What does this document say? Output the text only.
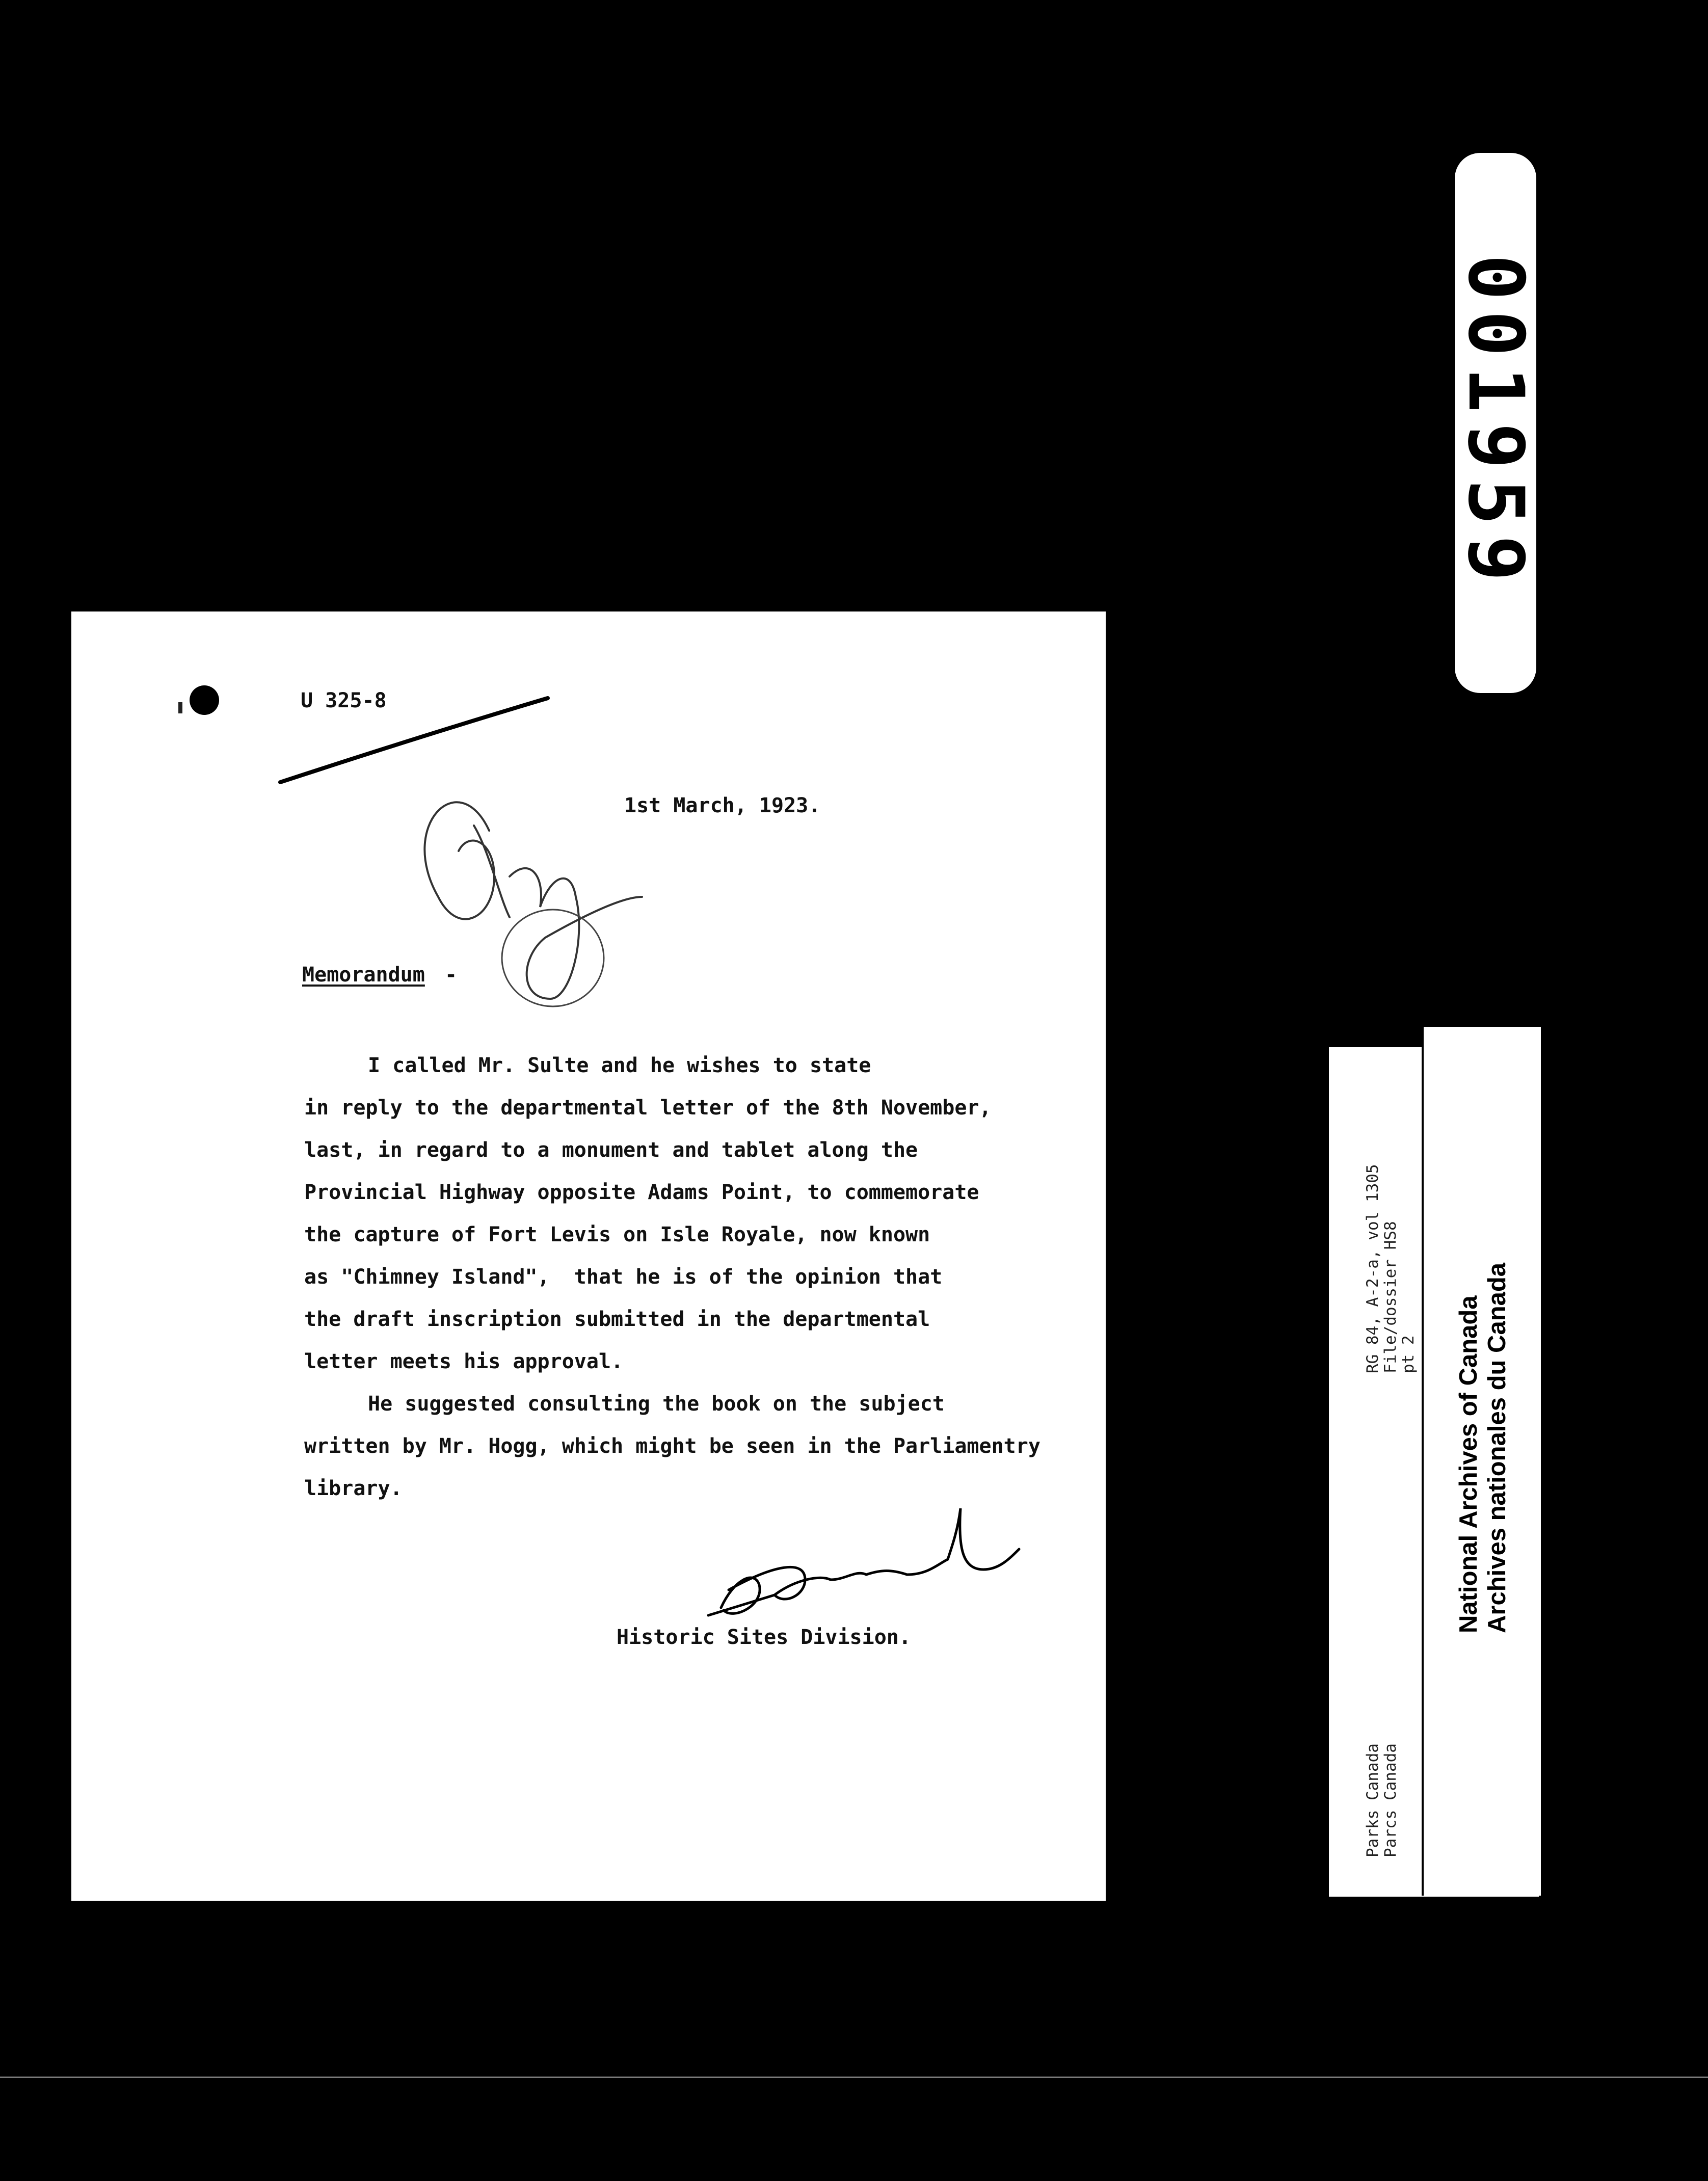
U 325-8

1st March, 1923.

Memorandum -

I called Mr. Sulte and he wishes to state

in reply to the departmental letter of the 8th November,

last, in regard to a monument and tablet along the

Provincial Highway opposite Adams Point, to commemorate

the capture of Fort Levis on Isle Royale, now known

as "Chimney Island",  that he is of the opinion that

the draft inscription submitted in the departmental

letter meets his approval.

He suggested consulting the book on the subject

written by Mr. Hogg, which might be seen in the Parliamentry

library.

Historic Sites Division.

001959

RG 84, A-2-a, vol 1305 File/dossier HS8 pt 2

Parks Canada Parcs Canada

National Archives of Canada Archives nationales du Canada
